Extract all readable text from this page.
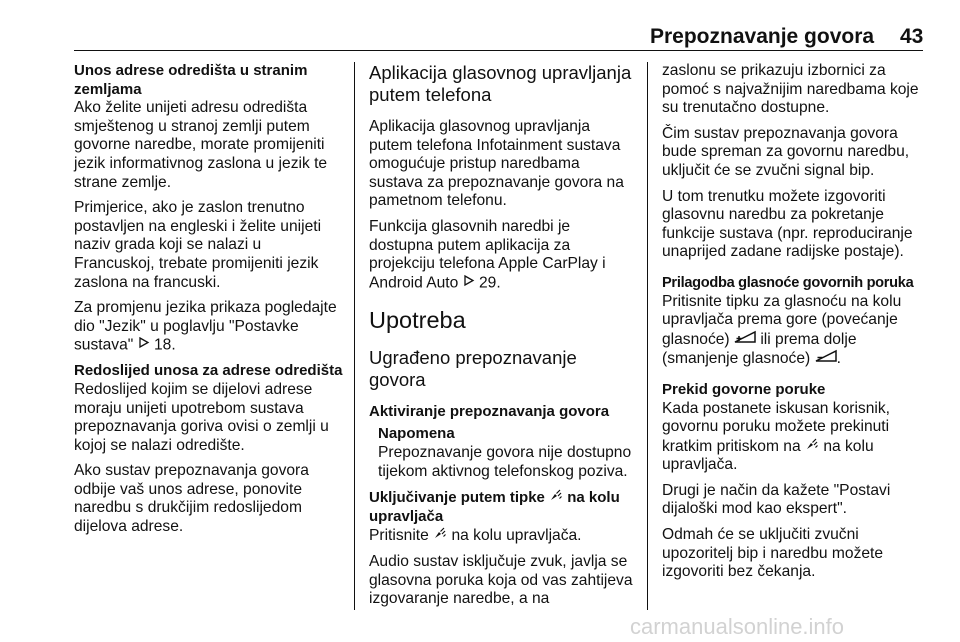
Prepoznavanje govora 43
Unos adrese odredišta u stranim zemljama

Ako želite unijeti adresu odredišta smještenog u stranoj zemlji putem govorne naredbe, morate promijeniti jezik informativnog zaslona u jezik te strane zemlje.

Primjerice, ako je zaslon trenutno postavljen na engleski i želite unijeti naziv grada koji se nalazi u Francuskoj, trebate promijeniti jezik zaslona na francuski.

Za promjenu jezika prikaza pogledajte dio "Jezik" u poglavlju "Postavke sustava" 18.

Redoslijed unosa za adrese odredišta

Redoslijed kojim se dijelovi adrese moraju unijeti upotrebom sustava prepoznavanja goriva ovisi o zemlji u kojoj se nalazi odredište.

Ako sustav prepoznavanja govora odbije vaš unos adrese, ponovite naredbu s drukčijim redoslijedom dijelova adrese.

Aplikacija glasovnog upravljanja putem telefona

Aplikacija glasovnog upravljanja putem telefona Infotainment sustava omogućuje pristup naredbama sustava za prepoznavanje govora na pametnom telefonu.

Funkcija glasovnih naredbi je dostupna putem aplikacija za projekciju telefona Apple CarPlay i Android Auto 29.

Upotreba
Ugrađeno prepoznavanje govora
Aktiviranje prepoznavanja govora
Napomena

Prepoznavanje govora nije dostupno tijekom aktivnog telefonskog poziva.

Uključivanje putem tipke na kolu upravljača

Pritisnite na kolu upravljača.

Audio sustav isključuje zvuk, javlja se glasovna poruka koja od vas zahtijeva izgovaranje naredbe, a na

zaslonu se prikazuju izbornici za pomoć s najvažnijim naredbama koje su trenutačno dostupne.

Čim sustav prepoznavanja govora bude spreman za govornu naredbu, uključit će se zvučni signal bip.

U tom trenutku možete izgovoriti glasovnu naredbu za pokretanje funkcije sustava (npr. reproduciranje unaprijed zadane radijske postaje).

Prilagodba glasnoće govornih poruka

Pritisnite tipku za glasnoću na kolu upravljača prema gore (povećanje glasnoće) ili prema dolje (smanjenje glasnoće) .

Prekid govorne poruke

Kada postanete iskusan korisnik, govornu poruku možete prekinuti kratkim pritiskom na na kolu upravljača.

Drugi je način da kažete "Postavi dijaloški mod kao ekspert".

Odmah će se uključiti zvučni upozoritelj bip i naredbu možete izgovoriti bez čekanja.

carmanualsonline.info
